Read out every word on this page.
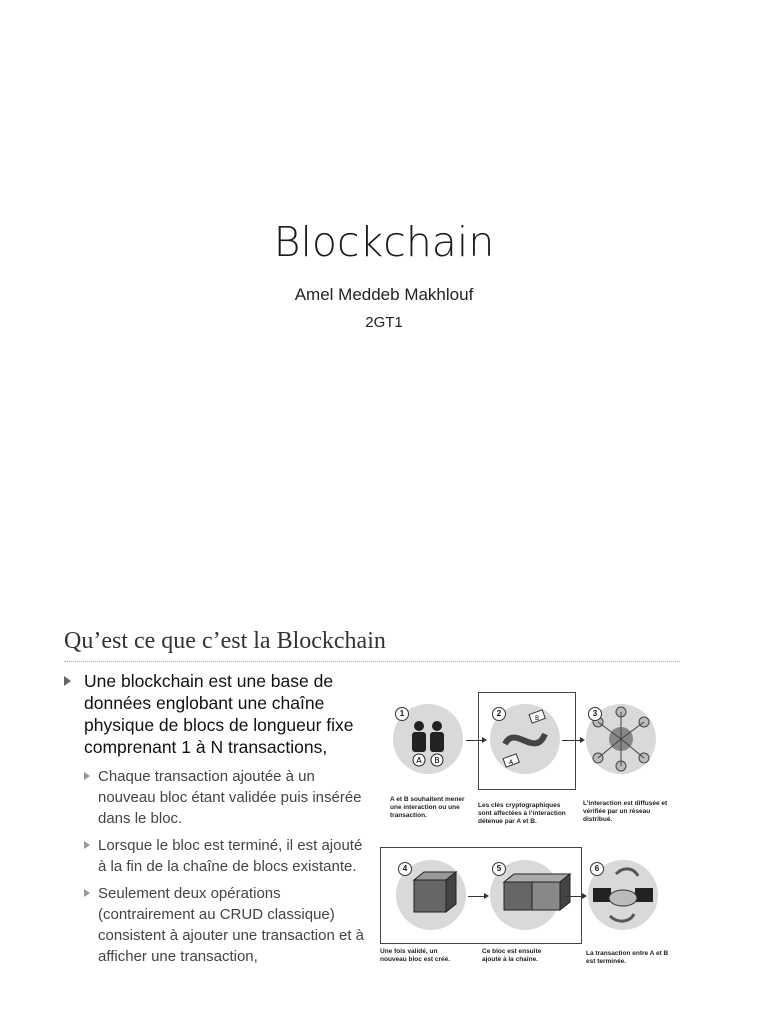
Blockchain
Amel Meddeb Makhlouf
2GT1
Qu’est ce que c’est la Blockchain
Une blockchain est une base de données englobant une chaîne physique de blocs de longueur fixe comprenant 1 à N transactions,
Chaque transaction ajoutée à un nouveau bloc étant validée puis insérée dans le bloc.
Lorsque le bloc est terminé, il est ajouté à la fin de la chaîne de blocs existante.
Seulement deux opérations (contrairement au CRUD classique) consistent à ajouter une transaction et à afficher une transaction,
A B
1
A et B souhaitent mener une interaction ou une transaction.
B
A
2
Les clés cryptographiques sont affectées à l’interaction détenue par A et B.
3
L’interaction est diffusée et vérifiée par un réseau distribué.
4
Une fois validé, un nouveau bloc est créé.
5
Ce bloc est ensuite ajouté à la chaîne.
6
La transaction entre A et B est terminée.
